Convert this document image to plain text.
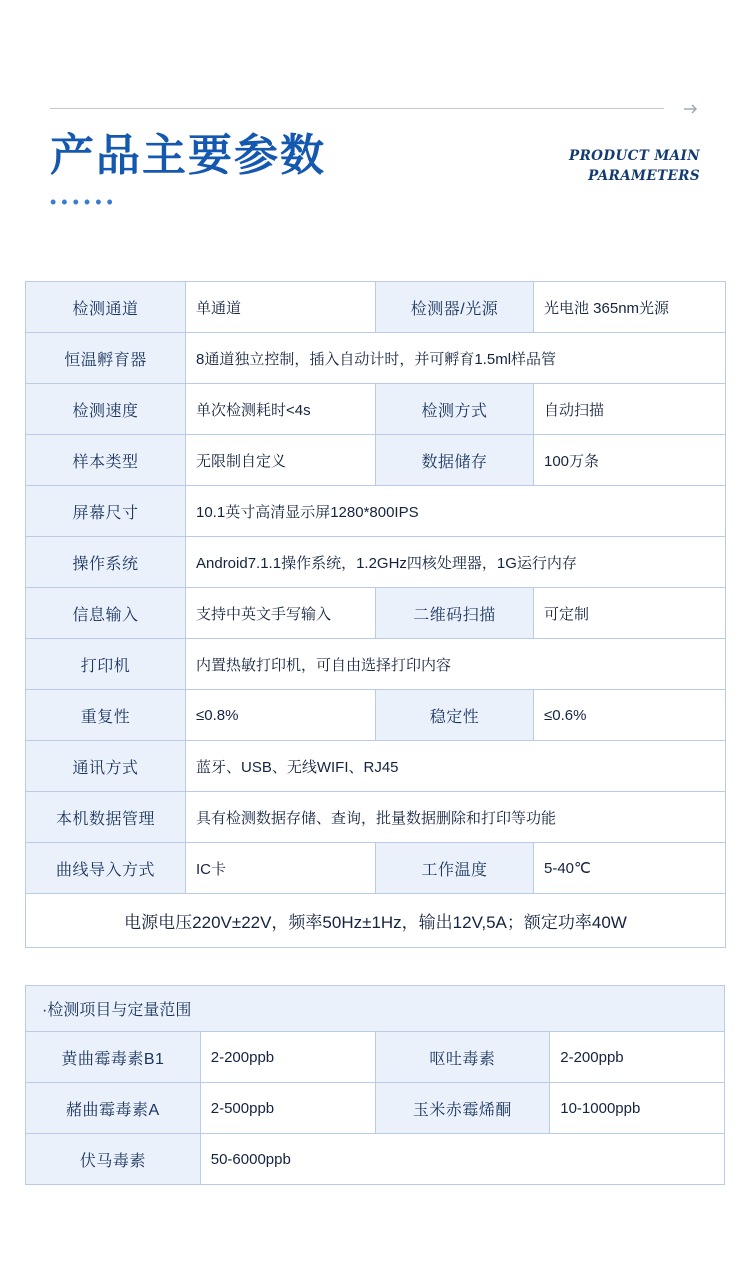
产品主要参数
••••••
PRODUCT MAIN
PARAMETERS
检测通道	单通道	检测器/光源	光电池 365nm光源
恒温孵育器	8通道独立控制，插入自动计时，并可孵育1.5ml样品管		
检测速度	单次检测耗时<4s	检测方式	自动扫描
样本类型	无限制自定义	数据储存	100万条
屏幕尺寸	10.1英寸高清显示屏1280*800IPS		
操作系统	Android7.1.1操作系统，1.2GHz四核处理器，1G运行内存		
信息输入	支持中英文手写输入	二维码扫描	可定制
打印机	内置热敏打印机，可自由选择打印内容		
重复性	≤0.8%	稳定性	≤0.6%
通讯方式	蓝牙、USB、无线WIFI、RJ45		
本机数据管理	具有检测数据存储、查询，批量数据删除和打印等功能		
曲线导入方式	IC卡	工作温度	5-40℃
电源电压220V±22V，频率50Hz±1Hz，输出12V,5A；额定功率40W			
·检测项目与定量范围			
黄曲霉毒素B1	2-200ppb	呕吐毒素	2-200ppb
赭曲霉毒素A	2-500ppb	玉米赤霉烯酮	10-1000ppb
伏马毒素	50-6000ppb		
